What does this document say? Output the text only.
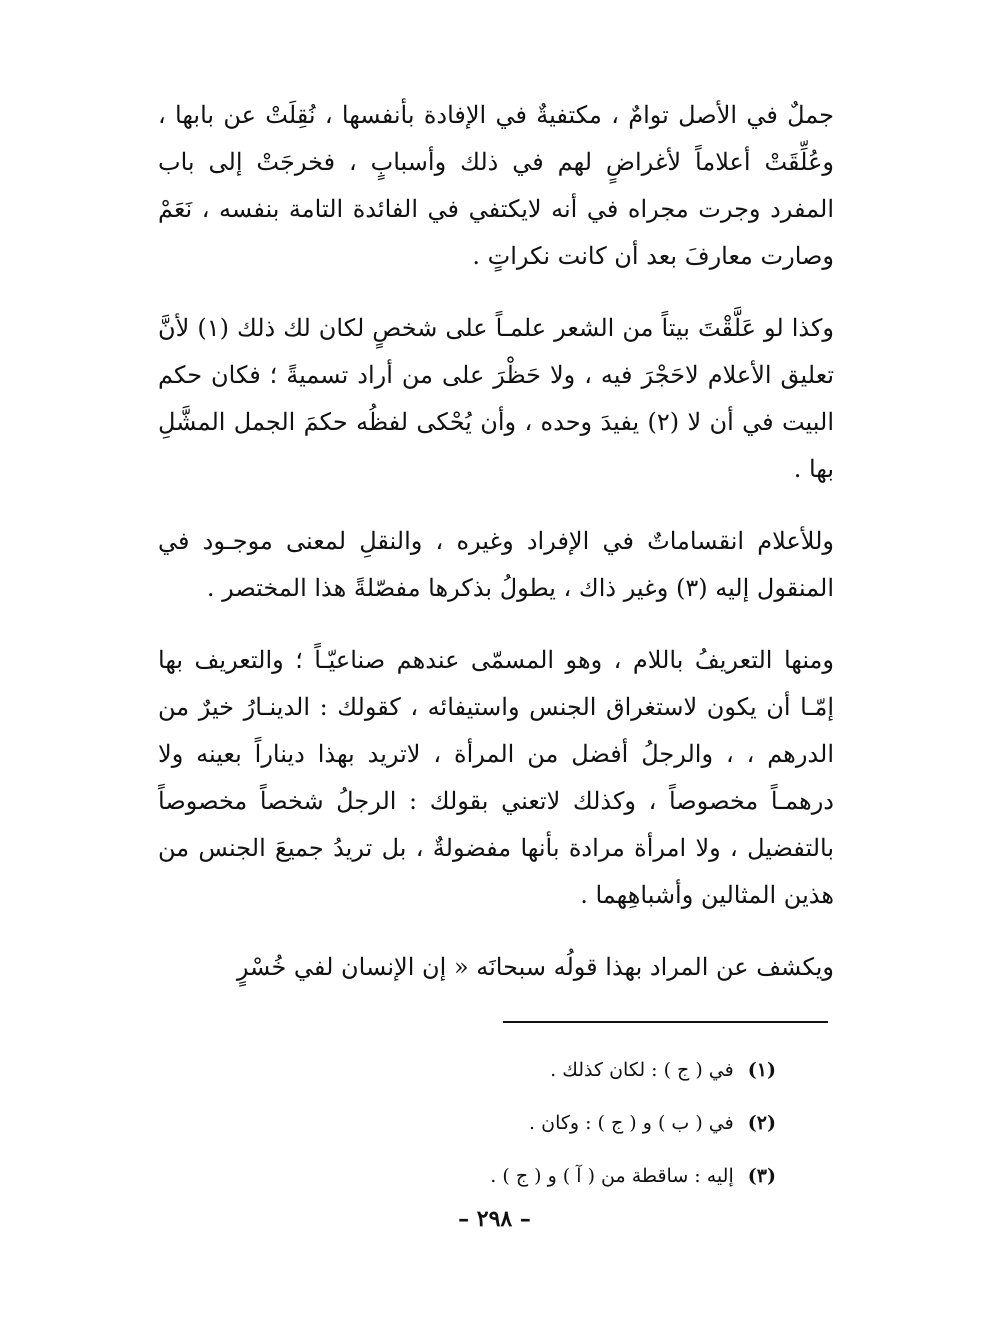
جملٌ في الأصل توامٌ ، مكتفيةٌ في الإفادة بأنفسها ، نُقِلَتْ عن بابها ، وعُلِّقَتْ أعلاماً لأغراضٍ لهم في ذلك وأسبابٍ ، فخرجَتْ إلى باب المفرد وجرت مجراه في أنه لايكتفي في الفائدة التامة بنفسه ، نَعَمْ وصارت معارفَ بعد أن كانت نكراتٍ .

وكذا لو عَلَّقْتَ بيتاً من الشعر علمـاً على شخصٍ لكان لك ذلك (١) لأنَّ تعليق الأعلام لاحَجْرَ فيه ، ولا حَظْرَ على من أراد تسميةً ؛ فكان حكم البيت في أن لا (٢) يفيدَ وحده ، وأن يُحْكى لفظُه حكمَ الجمل المشَّلِ بها .

وللأعلام انقساماتٌ في الإفراد وغيره ، والنقلِ لمعنى موجـود في المنقول إليه (٣) وغير ذاك ، يطولُ بذكرها مفصّلةً هذا المختصر .

ومنها التعريفُ باللام ، وهو المسمّى عندهم صناعيّـاً ؛ والتعريف بها إمّـا أن يكون لاستغراق الجنس واستيفائه ، كقولك : الدينـارُ خيرٌ من الدرهم ، ، والرجلُ أفضل من المرأة ، لاتريد بهذا ديناراً بعينه ولا درهمـاً مخصوصاً ، وكذلك لاتعني بقولك : الرجلُ شخصاً مخصوصاً بالتفضيل ، ولا امرأة مرادة بأنها مفضولةٌ ، بل تريدُ جميعَ الجنس من هذين المثالين وأشباهِهما .

ويكشف عن المراد بهذا قولُه سبحانَه « إن الإنسان لفي خُسْرٍ

(١) في ( ج ) : لكان كذلك .

(٢) في ( ب ) و ( ج ) : وكان .

(٣) إليه : ساقطة من ( آ ) و ( ج ) .

– ٢٩٨ –
